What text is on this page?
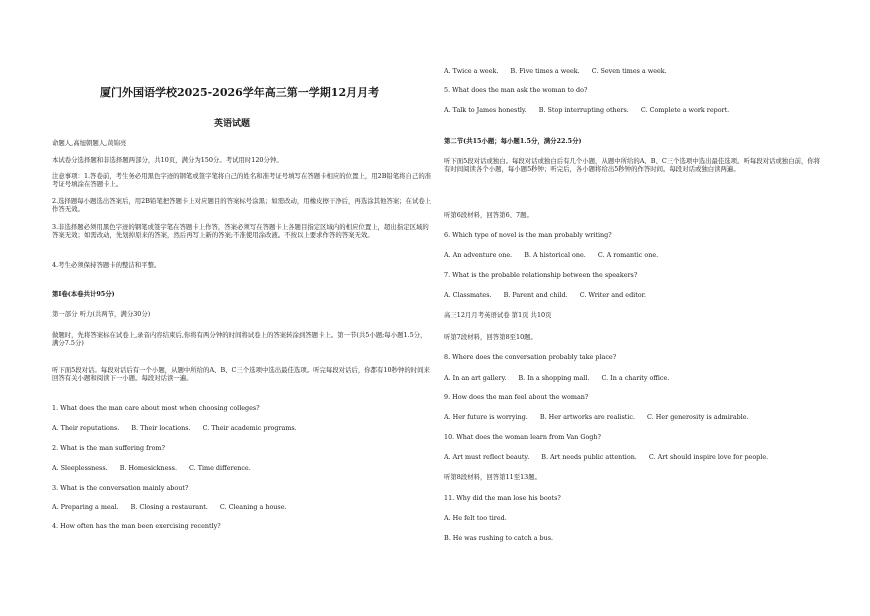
厦门外国语学校2025-2026学年高三第一学期12月月考
英语试题
命题人,高旭朝题人,黄锦亮
本试卷分选择题和非选择题两部分，共10页，满分为150分。考试用时120分钟。
注意事项：1.答卷前，考生务必用黑色字迹的钢笔或签字笔将自己的姓名和准考证号填写在答题卡相应的位置上，用2B铅笔将自己的准考证号填涂在答题卡上。
2.选择题每小题选出答案后，用2B铅笔把答题卡上对应题目的答案标号涂黑；如需改动，用橡皮擦干净后，再选涂其他答案；在试卷上作答无效。
3.非选择题必须用黑色字迹的钢笔或签字笔在答题卡上作答，答案必须写在答题卡上各题目指定区域内的相应位置上，超出指定区域的答案无效；如需改动，先划掉原来的答案，然后再写上新的答案;不准使用涂改液。不按以上要求作答的答案无效。
4.考生必须保持答题卡的整洁和平整。
第I卷(本卷共计95分)
第一部分 听力(共两节，满分30分)
做题时，先将答案标在试卷上,录音内容结束后,你将有两分钟的时间将试卷上的答案转涂到答题卡上。第一节(共5小题;每小题1.5分，满分7.5分)
听下面5段对话。每段对话后有一个小题，从题中所给的A、B、C三个选项中选出最佳选项。听完每段对话后，你都有10秒钟的时间来回答有关小题和阅读下一小题。每段对话读一遍。
1. What does the man care about most when choosing colleges?
A. Their reputations. B. Their locations. C. Their academic programs.
2. What is the man suffering from?
A. Sleeplessness. B. Homesickness. C. Time difference.
3. What is the conversation mainly about?
A. Preparing a meal. B. Closing a restaurant. C. Cleaning a house.
4. How often has the man been exercising recently?
A. Twice a week. B. Five times a week. C. Seven times a week.
5. What does the man ask the woman to do?
A. Talk to James honestly. B. Stop interrupting others. C. Complete a work report.
第二节(共15小题；每小题1.5分，满分22.5分)
听下面5段对话或独白。每段对话或独白后有几个小题，从题中所给的A、B、C三个选项中选出最佳选项。听每段对话或独白前，你将有时间阅读各个小题，每小题5秒钟；听完后，各小题将给出5秒钟的作答时间。每段对话或独白读两遍。
听第6段材料，回答第6、7题。
6. Which type of novel is the man probably writing?
A. An adventure one. B. A historical one. C. A romantic one.
7. What is the probable relationship between the speakers?
A. Classmates. B. Parent and child. C. Writer and editor.
高三12月月考英语试卷 第1页 共10页
听第7段材料，回答第8至10题。
8. Where does the conversation probably take place?
A. In an art gallery. B. In a shopping mall. C. In a charity office.
9. How does the man feel about the woman?
A. Her future is worrying. B. Her artworks are realistic. C. Her generosity is admirable.
10. What does the woman learn from Van Gogh?
A. Art must reflect beauty. B. Art needs public attention. C. Art should inspire love for people.
听第8段材料，回答第11至13题。
11. Why did the man lose his boots?
A. He felt too tired.
B. He was rushing to catch a bus.
